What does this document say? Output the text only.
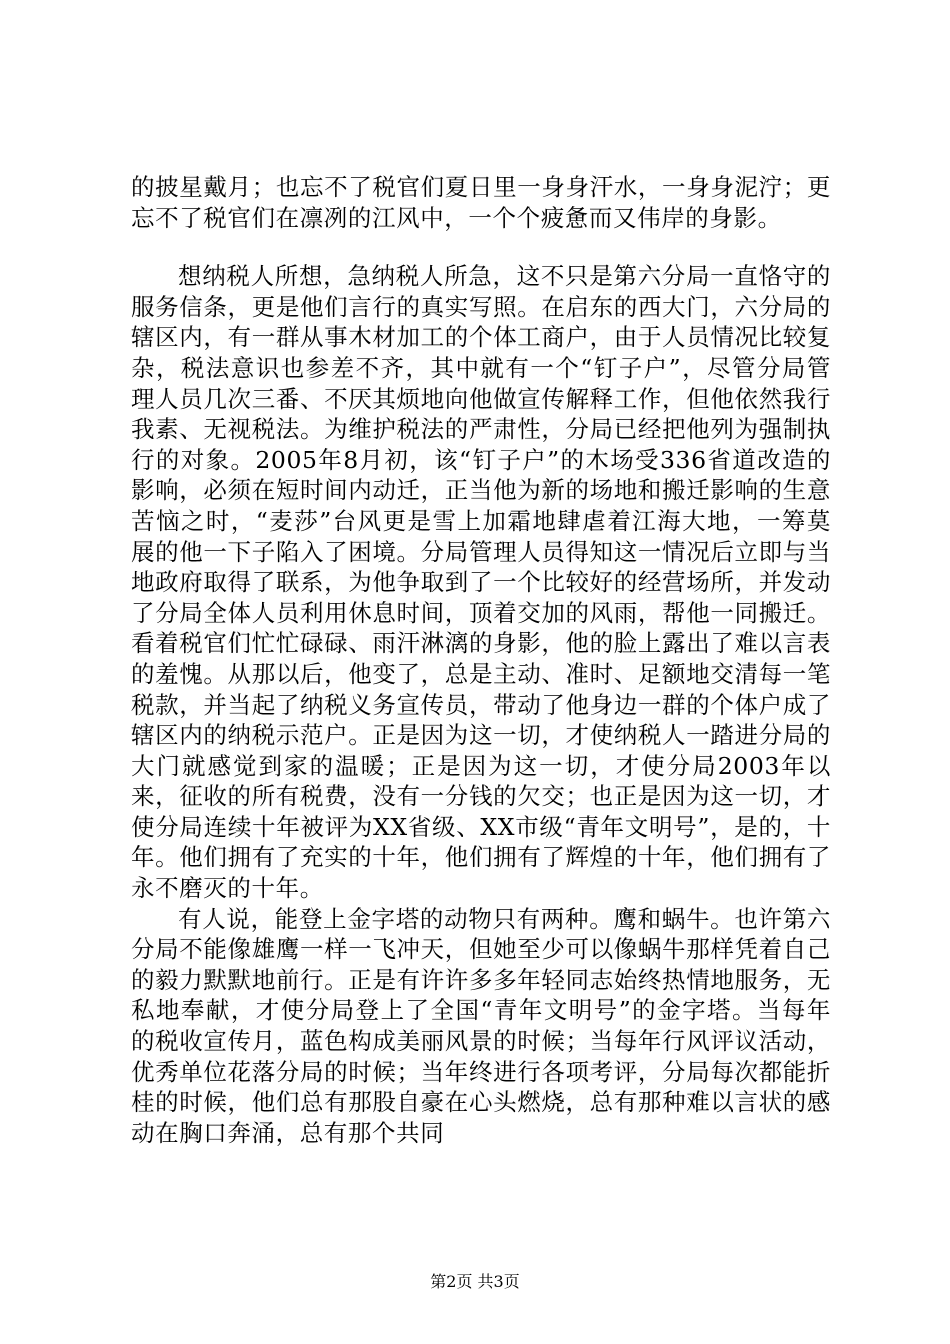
的披星戴月；也忘不了税官们夏日里一身身汗水，一身身泥泞；更忘不了税官们在凛冽的江风中，一个个疲惫而又伟岸的身影。

想纳税人所想，急纳税人所急，这不只是第六分局一直恪守的服务信条，更是他们言行的真实写照。在启东的西大门，六分局的辖区内，有一群从事木材加工的个体工商户，由于人员情况比较复杂，税法意识也参差不齐，其中就有一个“钉子户”，尽管分局管理人员几次三番、不厌其烦地向他做宣传解释工作，但他依然我行我素、无视税法。为维护税法的严肃性，分局已经把他列为强制执行的对象。2005年8月初，该“钉子户”的木场受336省道改造的影响，必须在短时间内动迁，正当他为新的场地和搬迁影响的生意苦恼之时，“麦莎”台风更是雪上加霜地肆虐着江海大地，一筹莫展的他一下子陷入了困境。分局管理人员得知这一情况后立即与当地政府取得了联系，为他争取到了一个比较好的经营场所，并发动了分局全体人员利用休息时间，顶着交加的风雨，帮他一同搬迁。看着税官们忙忙碌碌、雨汗淋漓的身影，他的脸上露出了难以言表的羞愧。从那以后，他变了，总是主动、准时、足额地交清每一笔税款，并当起了纳税义务宣传员，带动了他身边一群的个体户成了辖区内的纳税示范户。正是因为这一切，才使纳税人一踏进分局的大门就感觉到家的温暖；正是因为这一切，才使分局2003年以来，征收的所有税费，没有一分钱的欠交；也正是因为这一切，才使分局连续十年被评为XX省级、XX市级“青年文明号”，是的，十年。他们拥有了充实的十年，他们拥有了辉煌的十年，他们拥有了永不磨灭的十年。

有人说，能登上金字塔的动物只有两种。鹰和蜗牛。也许第六分局不能像雄鹰一样一飞冲天，但她至少可以像蜗牛那样凭着自己的毅力默默地前行。正是有许许多多年轻同志始终热情地服务，无私地奉献，才使分局登上了全国“青年文明号”的金字塔。当每年的税收宣传月，蓝色构成美丽风景的时候；当每年行风评议活动，优秀单位花落分局的时候；当年终进行各项考评，分局每次都能折桂的时候，他们总有那股自豪在心头燃烧，总有那种难以言状的感动在胸口奔涌，总有那个共同

第2页 共3页
